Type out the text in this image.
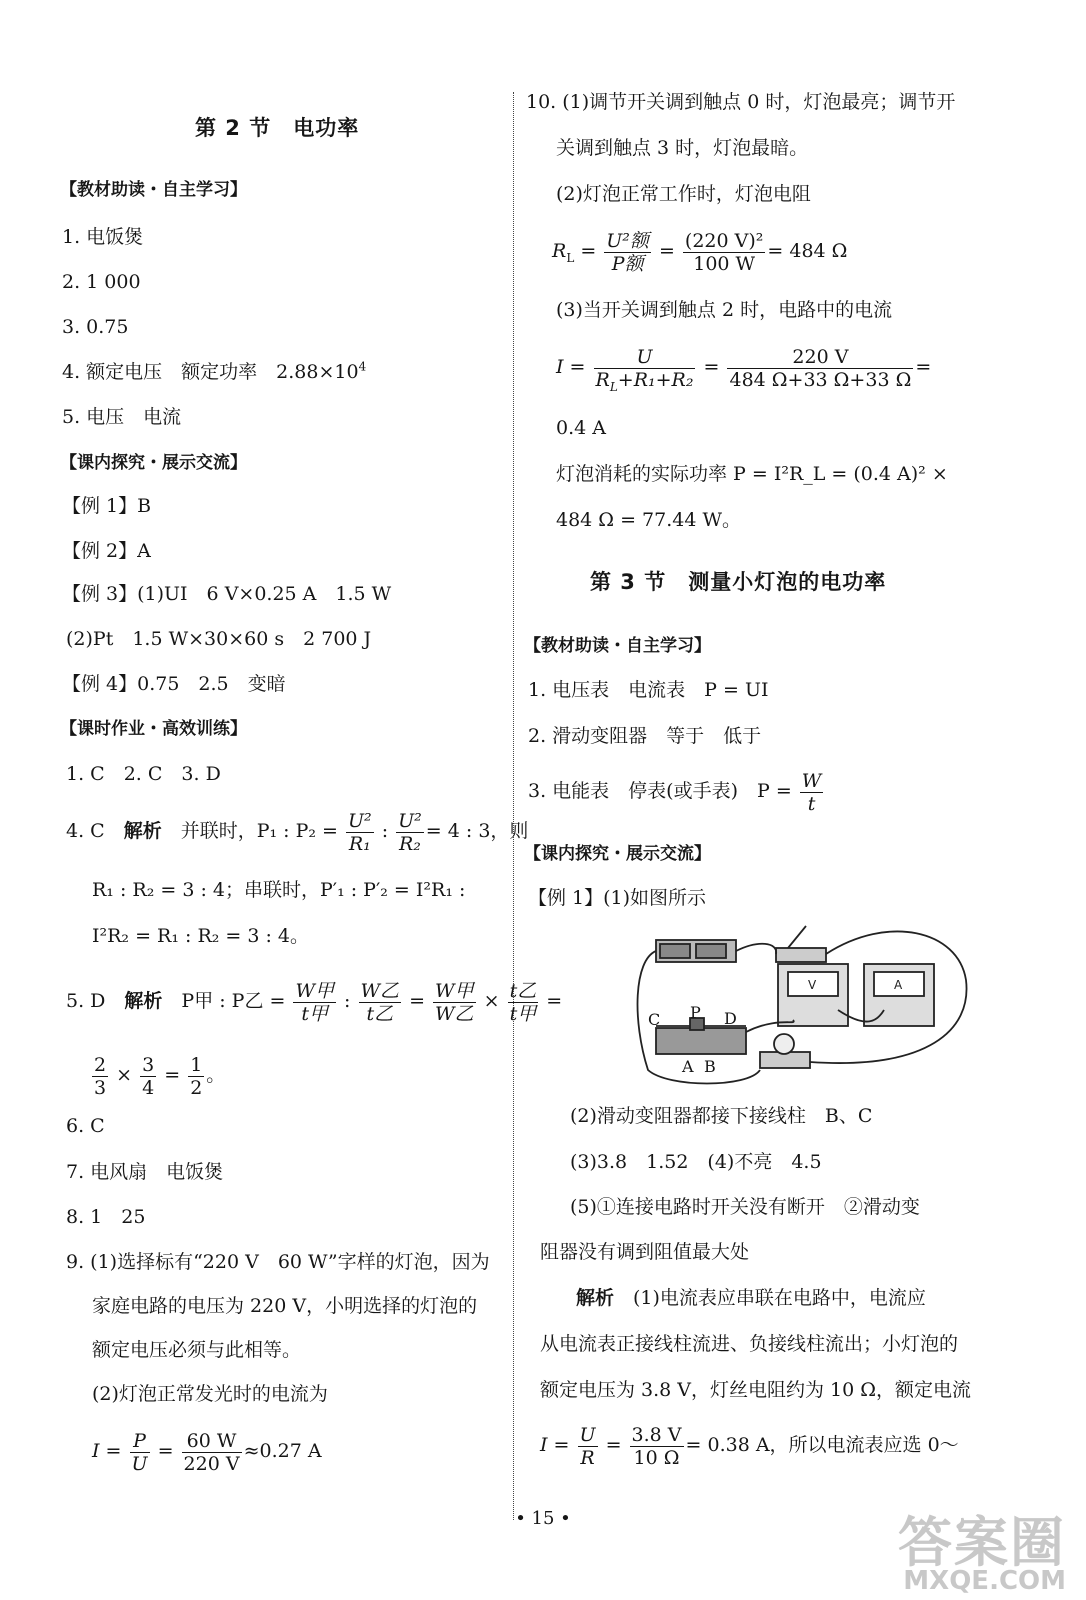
第 2 节　电功率
【教材助读・自主学习】
1. 电饭煲
2. 1 000
3. 0.75
4. 额定电压　额定功率　$2.88\times 10^4$
5. 电压　电流
【课内探究・展示交流】
【例 1】B
【例 2】A
【例 3】(1)UI　6 V×0.25 A　1.5 W
(2)Pt　1.5 W×30×60 s　2 700 J
【例 4】0.75　2.5　变暗
【课时作业・高效训练】
1. C　2. C　3. D
4. C　解析　并联时，P₁ : $P_2 = \frac{\text{U²}}{\text{R₁}}$ : $\frac{\text{U²}}{\text{R₂}} = 4$ : 3，则
R₁ : R₂ = 3 : 4；串联时，P′₁ : P′₂ = I²R₁ :
I²R₂ = R₁ : R₂ = 3 : 4。
5. D　解析　P甲 : P乙 = $\frac{\text{W甲}}{\text{t甲}}$ : $\frac{\text{W乙}}{\text{t乙}} = \frac{\text{W甲}}{\text{W乙}} \times \frac{\text{t乙}}{\text{t甲}}$ =
$\frac{2}{3} \times \frac{3}{4} = \frac{1}{2}$ 。
6. C
7. 电风扇　电饭煲
8. 1　25
9. (1)选择标有“220 V　60 W”字样的灯泡，因为
家庭电路的电压为 220 V，小明选择的灯泡的
额定电压必须与此相等。
(2)灯泡正常发光时的电流为
$I = \frac{P}{U} = \frac{60 W}{220 V} \approx 0.27$ A
10. (1)调节开关调到触点 0 时，灯泡最亮；调节开
关调到触点 3 时，灯泡最暗。
(2)灯泡正常工作时，灯泡电阻
$R_L = \frac{\text{U²额}}{\text{P额}} = \frac{\text{(220 V)²}}{100 W} = 484$ Ω
(3)当开关调到触点 2 时，电路中的电流
$I = \frac{U}{R_L+R_1+R_2} = \frac{220 V}{484 \Omega+33 \Omega+33 \Omega}$ =
0.4 A
灯泡消耗的实际功率 P = I²R_L = (0.4 A)² ×
484 Ω = 77.44 W。
第 3 节　测量小灯泡的电功率
【教材助读・自主学习】
1. 电压表　电流表　P = UI
2. 滑动变阻器　等于　低于
3. 电能表　停表(或手表)　$P = \frac{W}{t}$
【课内探究・展示交流】
【例 1】(1)如图所示
V	A
C P D
A B
(2)滑动变阻器都接下接线柱　B、C
(3)3.8　1.52　(4)不亮　4.5
(5)①连接电路时开关没有断开　②滑动变
阻器没有调到阻值最大处
解析　(1)电流表应串联在电路中，电流应
从电流表正接线柱流进、负接线柱流出；小灯泡的
额定电压为 3.8 V，灯丝电阻约为 10 Ω，额定电流
$I = \frac{U}{R} = \frac{3.8 V}{10 \Omega} = 0.38$ A，所以电流表应选 0～
• 15 •	答案圈
MXQE.COM
